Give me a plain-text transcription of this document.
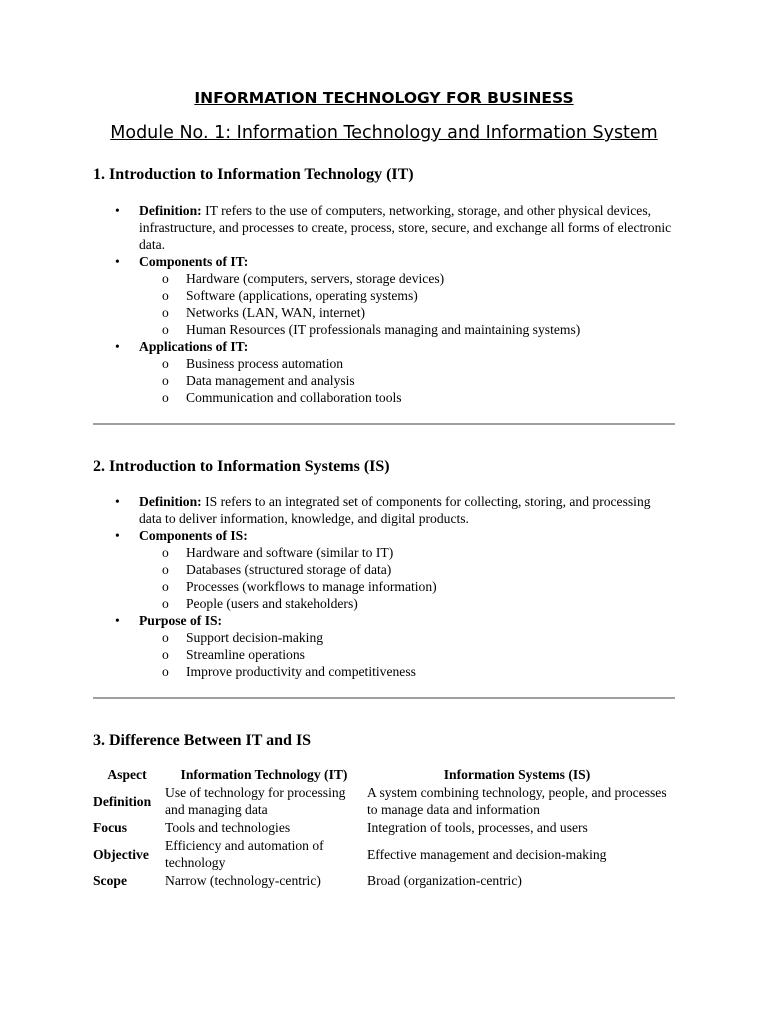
INFORMATION TECHNOLOGY FOR BUSINESS
Module No. 1: Information Technology and Information System
1. Introduction to Information Technology (IT)
• Definition: IT refers to the use of computers, networking, storage, and other physical devices, infrastructure, and processes to create, process, store, secure, and exchange all forms of electronic data.
• Components of IT:
o Hardware (computers, servers, storage devices)
o Software (applications, operating systems)
o Networks (LAN, WAN, internet)
o Human Resources (IT professionals managing and maintaining systems)
• Applications of IT:
o Business process automation
o Data management and analysis
o Communication and collaboration tools
2. Introduction to Information Systems (IS)
• Definition: IS refers to an integrated set of components for collecting, storing, and processing data to deliver information, knowledge, and digital products.
• Components of IS:
o Hardware and software (similar to IT)
o Databases (structured storage of data)
o Processes (workflows to manage information)
o People (users and stakeholders)
• Purpose of IS:
o Support decision-making
o Streamline operations
o Improve productivity and competitiveness
3. Difference Between IT and IS
Aspect	Information Technology (IT)	Information Systems (IS)
Definition	Use of technology for processing and managing data	A system combining technology, people, and processes to manage data and information
Focus	Tools and technologies	Integration of tools, processes, and users
Objective	Efficiency and automation of technology	Effective management and decision-making
Scope	Narrow (technology-centric)	Broad (organization-centric)
